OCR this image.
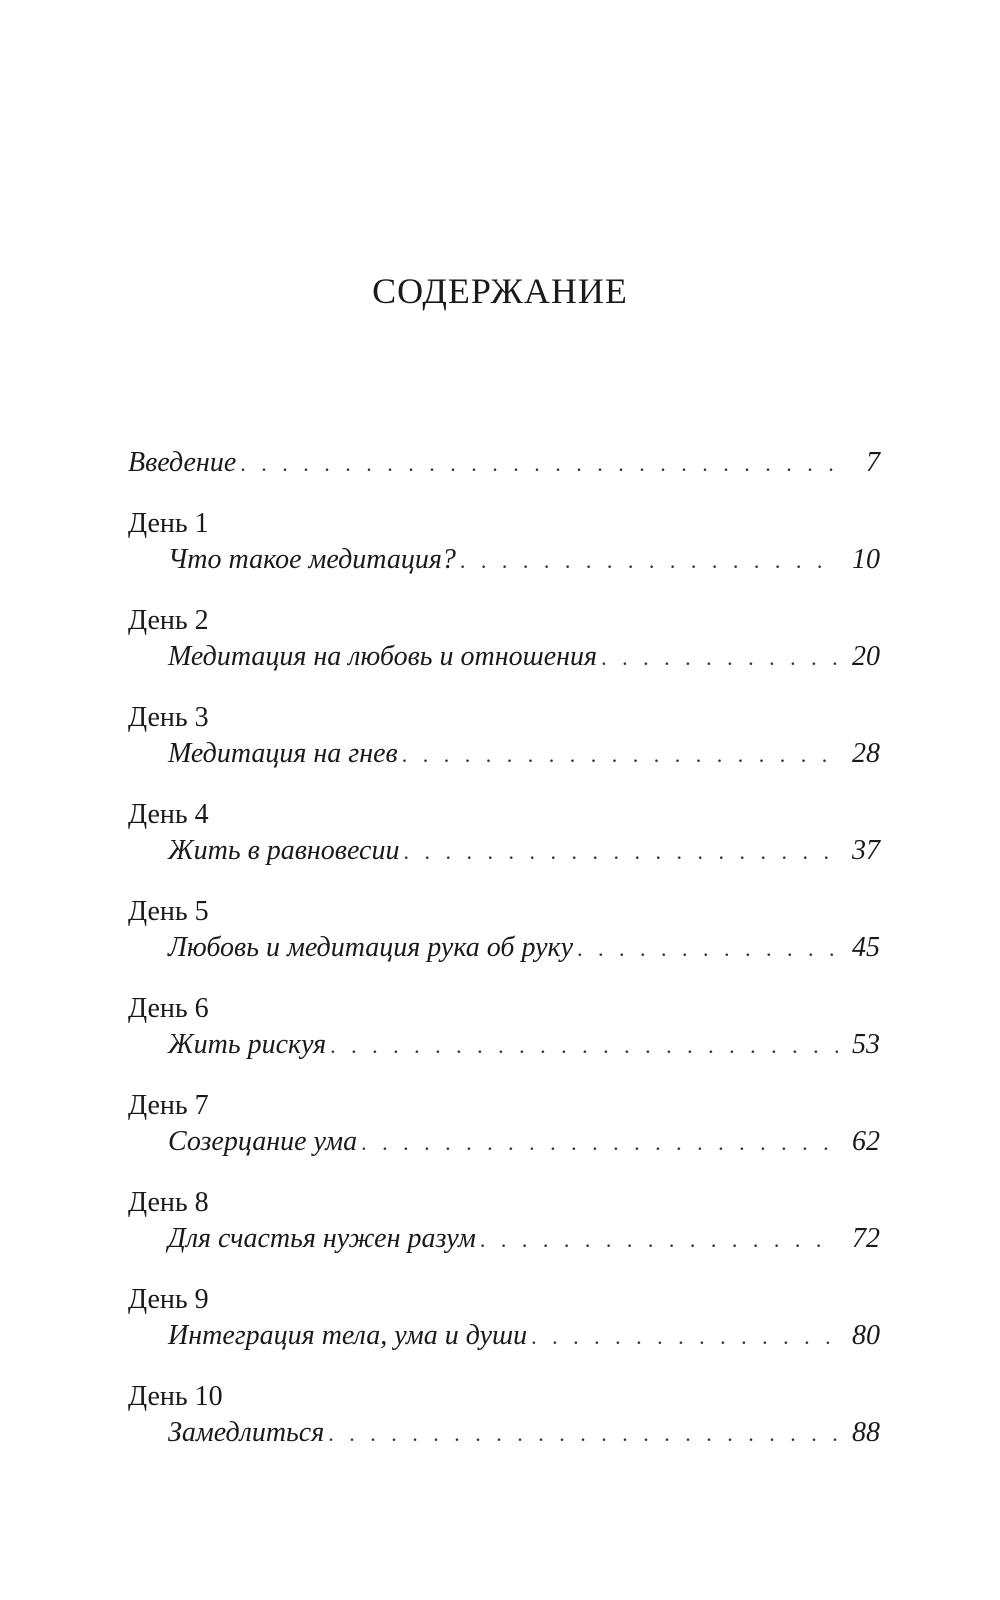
СОДЕРЖАНИЕ
Введение . . .	7
День 1
Что такое медитация? . . .	10
День 2
Медитация на любовь и отношения . . .	20
День 3
Медитация на гнев . . .	28
День 4
Жить в равновесии . . .	37
День 5
Любовь и медитация рука об руку . . .	45
День 6
Жить рискуя . . .	53
День 7
Созерцание ума . . .	62
День 8
Для счастья нужен разум . . .	72
День 9
Интеграция тела, ума и души . . .	80
День 10
Замедлиться . . .	88
